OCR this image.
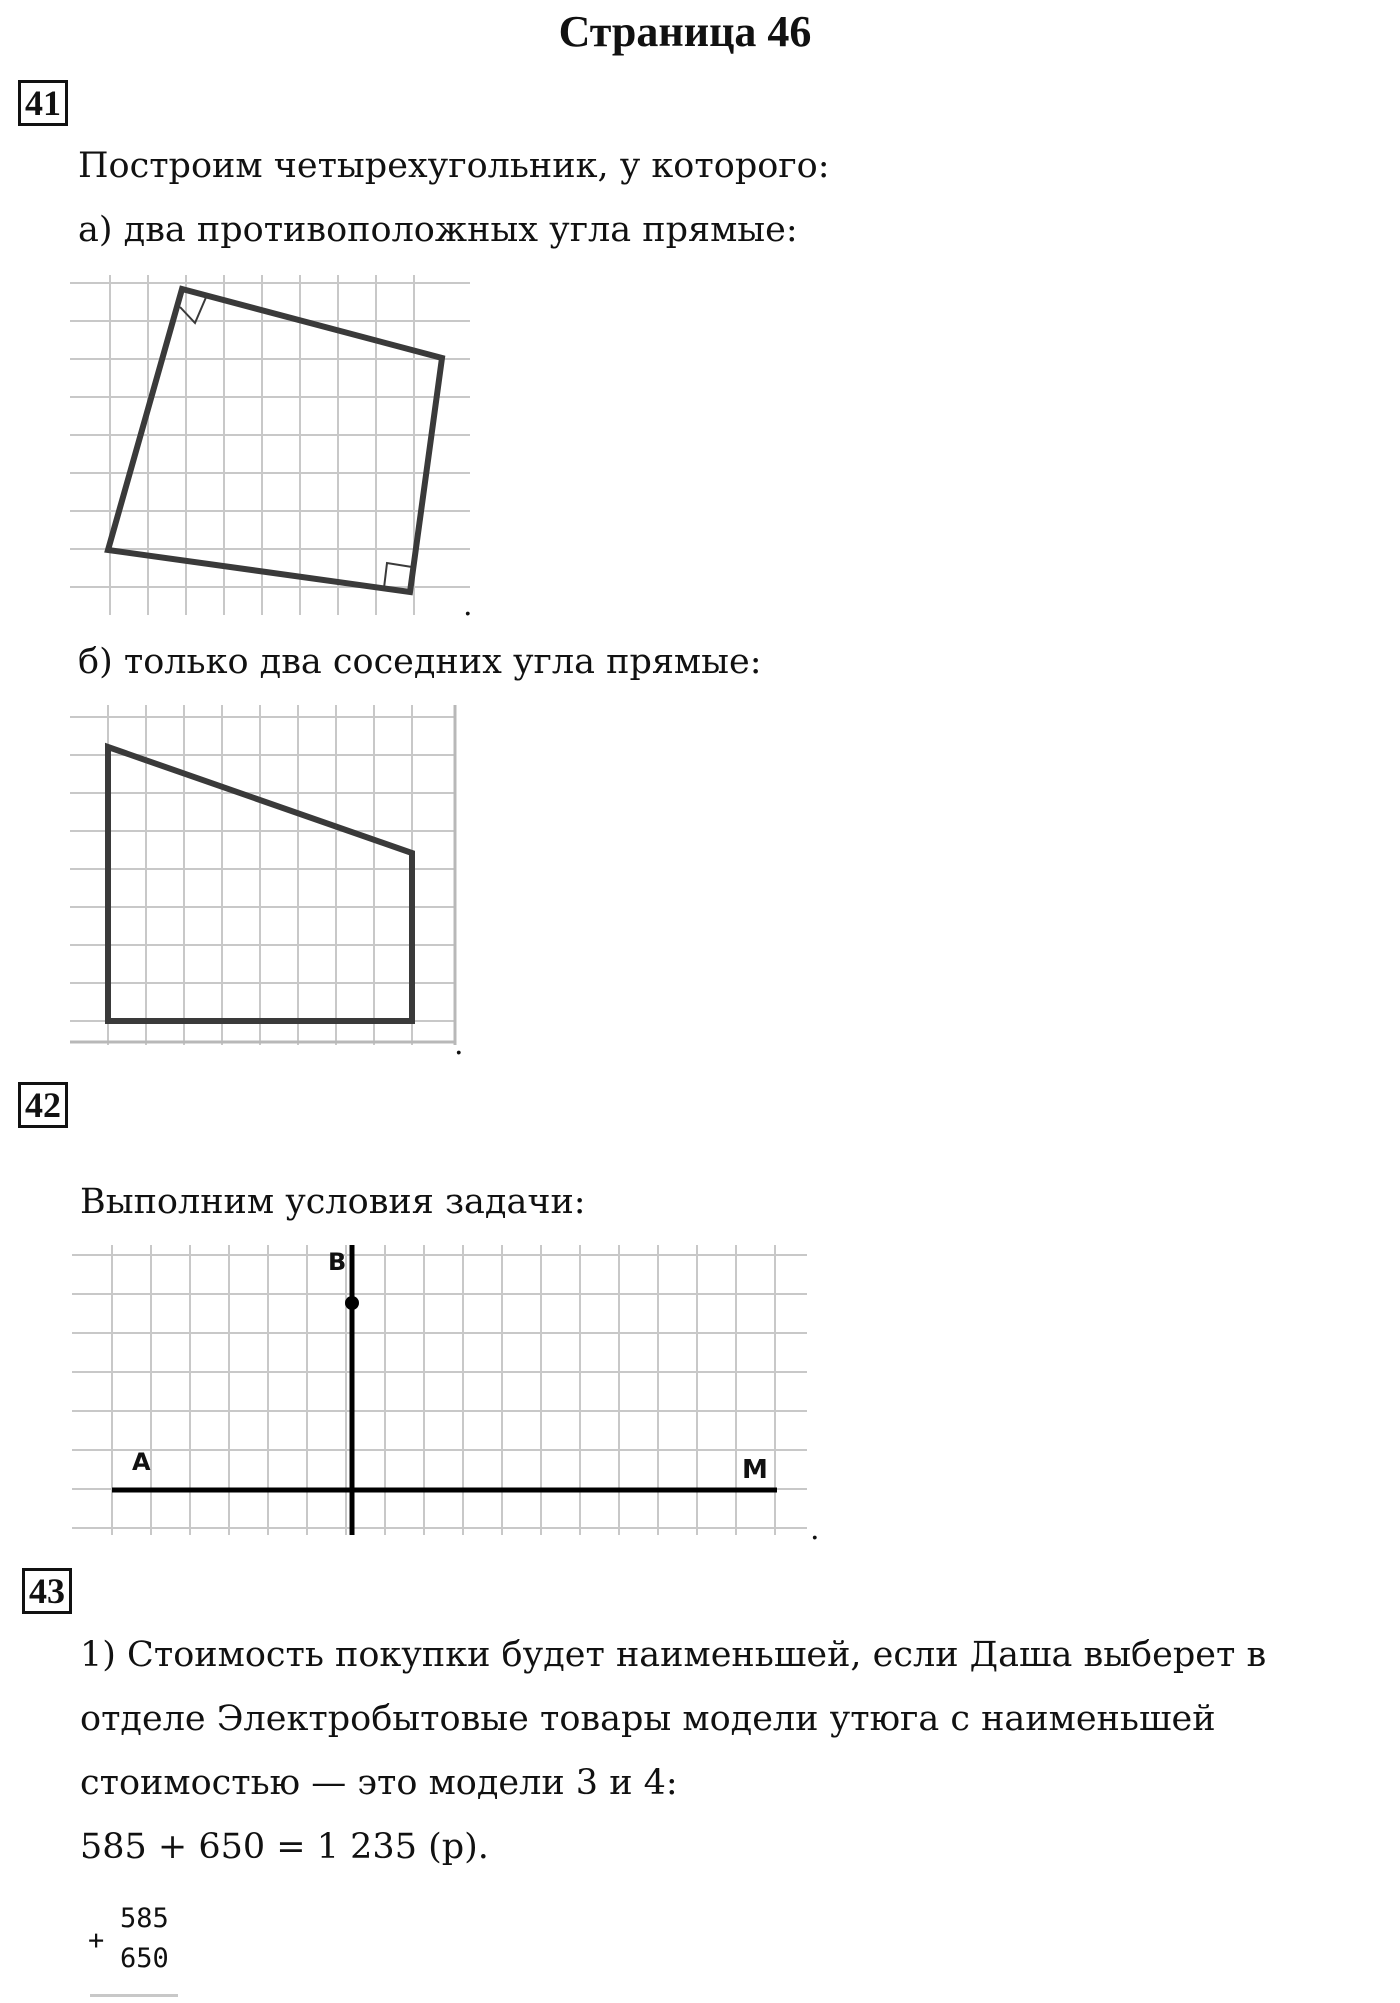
Страница 46
41
Построим четырехугольник, у которого:
а) два противоположных угла прямые:
.
б) только два соседних угла прямые:
.
42
Выполним условия задачи:
B
A	M
.
43
1) Стоимость покупки будет наименьшей, если Даша выберет в
отделе Электробытовые товары модели утюга с наименьшей
стоимостью — это модели 3 и 4:
585 + 650 = 1 235 (р).
+
585
650
